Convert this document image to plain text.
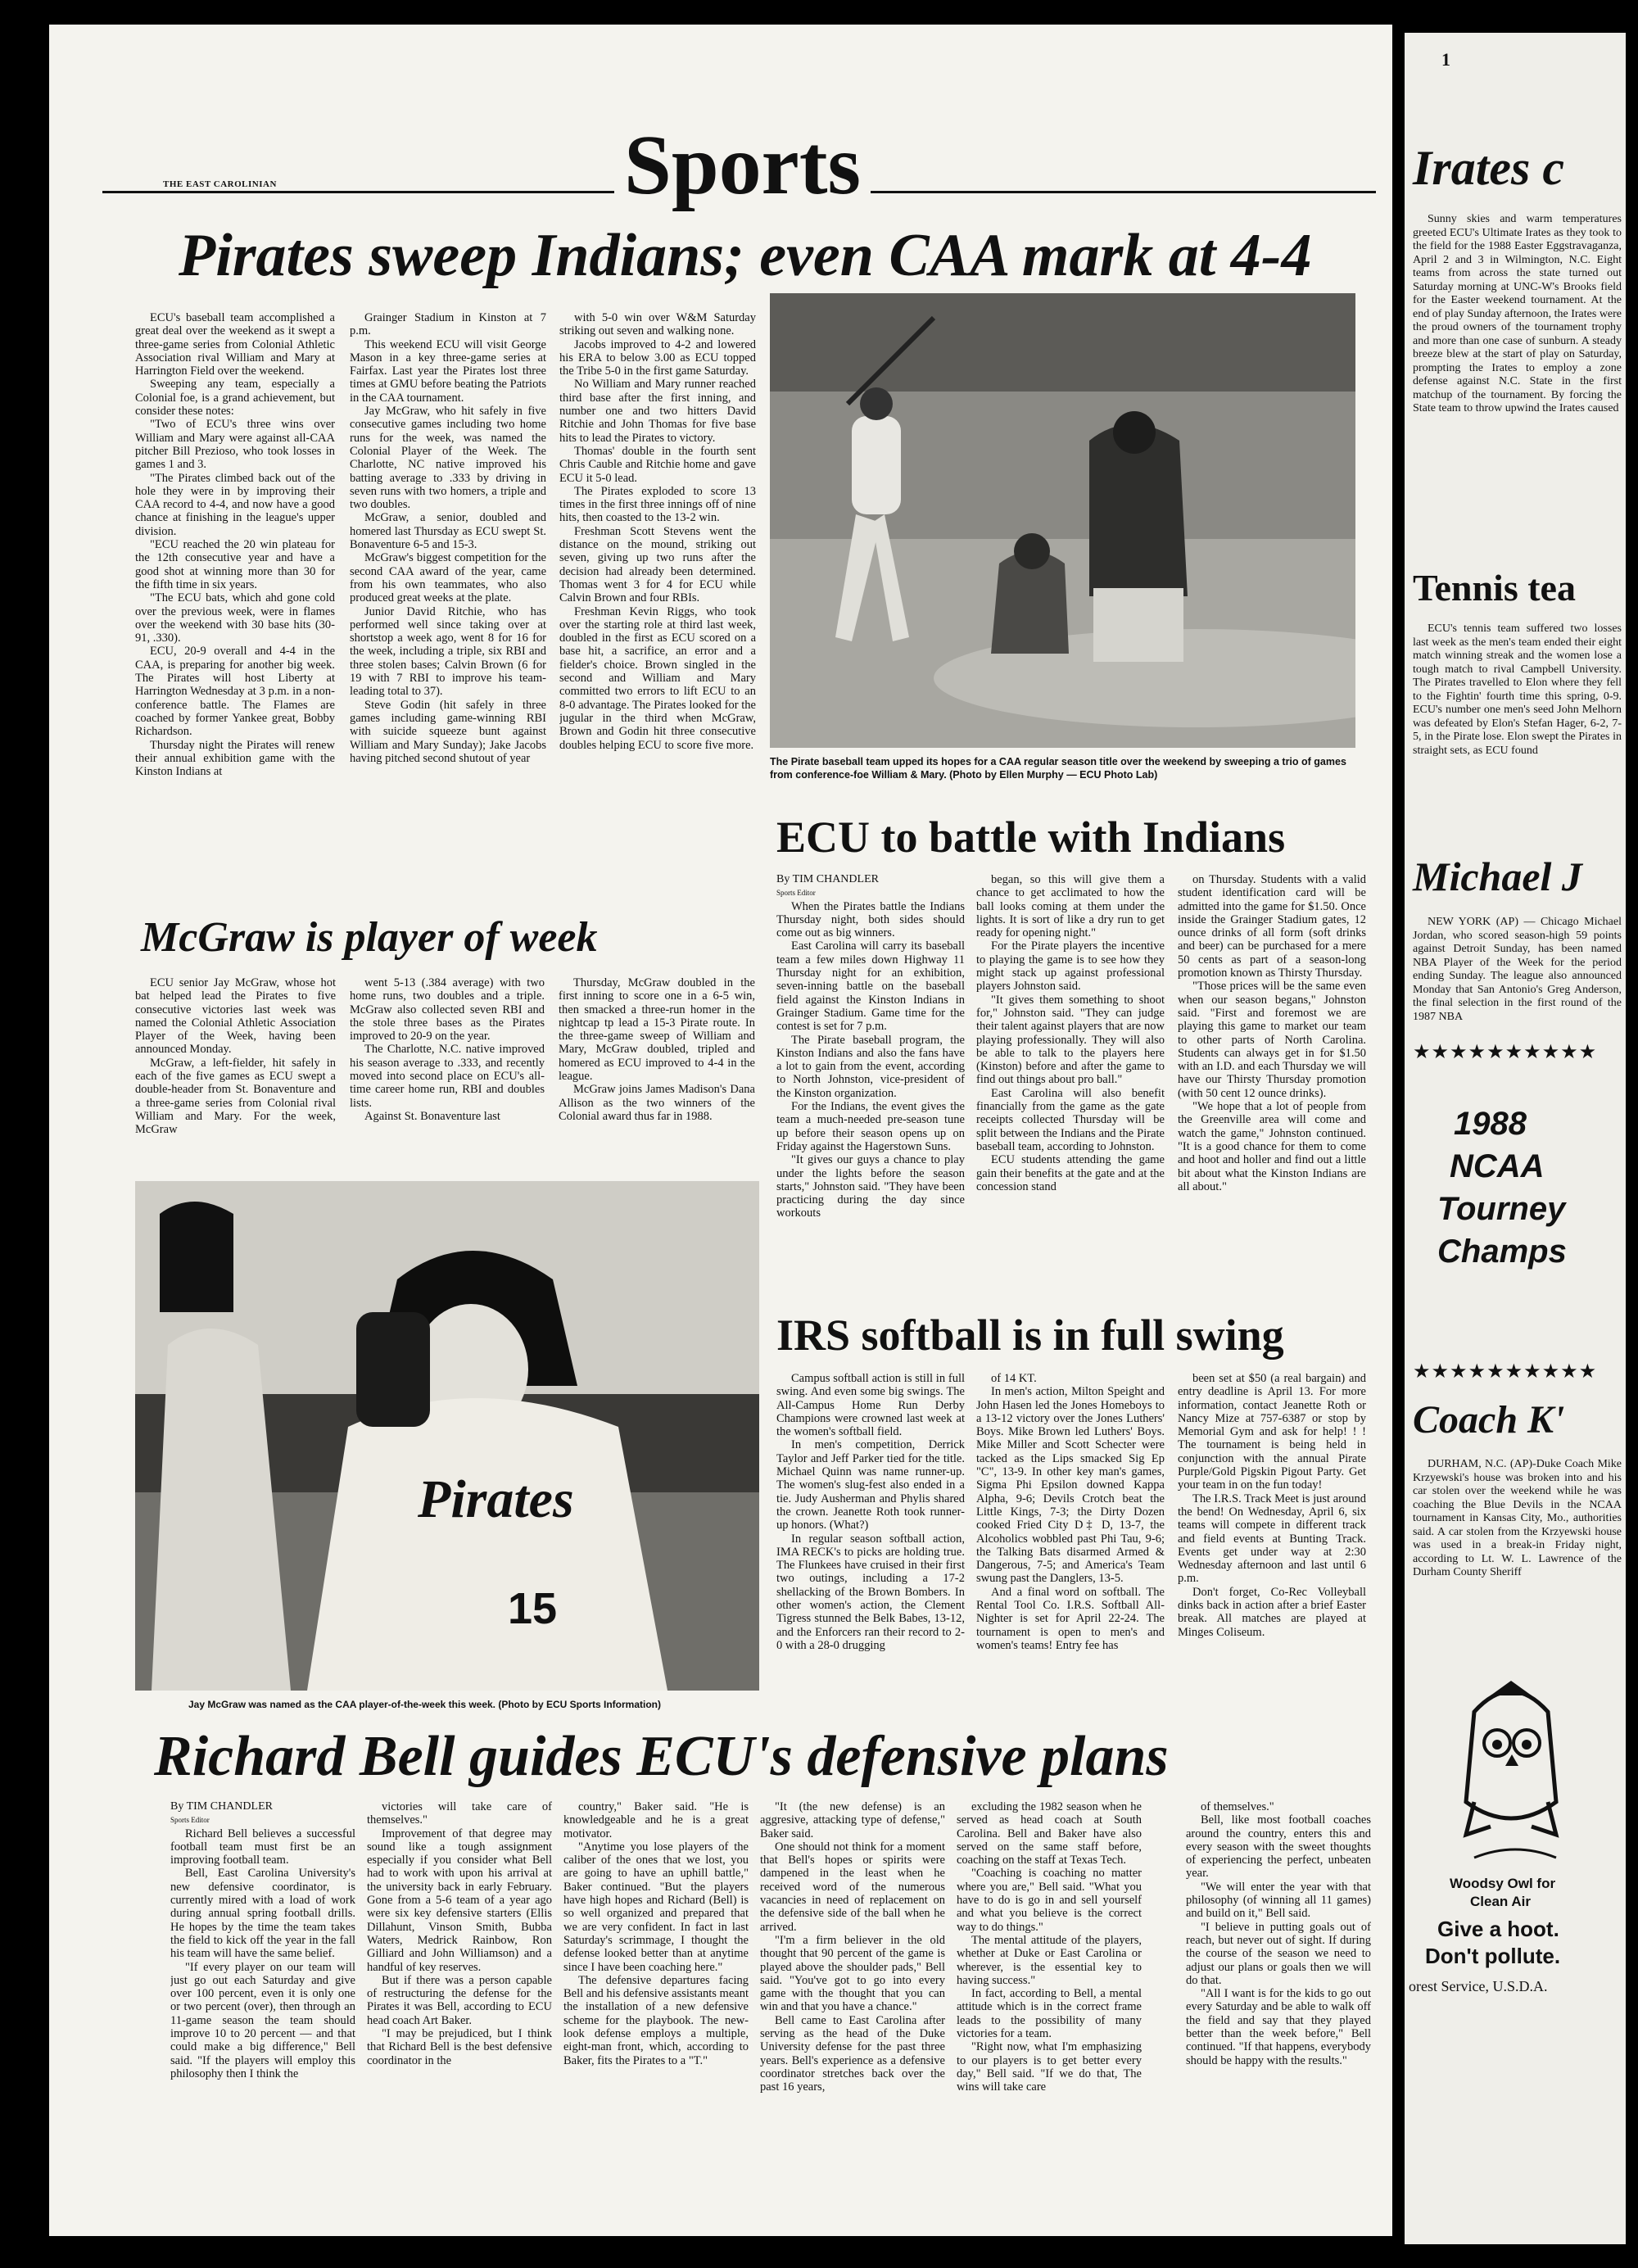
THE EAST CAROLINIAN	Sports
Pirates sweep Indians; even CAA mark at 4-4

ECU's baseball team accomplished a great deal over the weekend as it swept a three-game series from Colonial Athletic Association rival William and Mary at Harrington Field over the weekend.

Sweeping any team, especially a Colonial foe, is a grand achievement, but consider these notes:

"Two of ECU's three wins over William and Mary were against all-CAA pitcher Bill Prezioso, who took losses in games 1 and 3.

"The Pirates climbed back out of the hole they were in by improving their CAA record to 4-4, and now have a good chance at finishing in the league's upper division.

"ECU reached the 20 win plateau for the 12th consecutive year and have a good shot at winning more than 30 for the fifth time in six years.

"The ECU bats, which ahd gone cold over the previous week, were in flames over the weekend with 30 base hits (30-91, .330).

ECU, 20-9 overall and 4-4 in the CAA, is preparing for another big week. The Pirates will host Liberty at Harrington Wednesday at 3 p.m. in a non-conference battle. The Flames are coached by former Yankee great, Bobby Richardson.

Thursday night the Pirates will renew their annual exhibition game with the Kinston Indians at

Grainger Stadium in Kinston at 7 p.m.

This weekend ECU will visit George Mason in a key three-game series at Fairfax. Last year the Pirates lost three times at GMU before beating the Patriots in the CAA tournament.

Jay McGraw, who hit safely in five consecutive games including two home runs for the week, was named the Colonial Player of the Week. The Charlotte, NC native improved his batting average to .333 by driving in seven runs with two homers, a triple and two doubles.

McGraw, a senior, doubled and homered last Thursday as ECU swept St. Bonaventure 6-5 and 15-3.

McGraw's biggest competition for the second CAA award of the year, came from his own teammates, who also produced great weeks at the plate.

Junior David Ritchie, who has performed well since taking over at shortstop a week ago, went 8 for 16 for the week, including a triple, six RBI and three stolen bases; Calvin Brown (6 for 19 with 7 RBI to improve his team-leading total to 37).

Steve Godin (hit safely in three games including game-winning RBI with suicide squeeze bunt against William and Mary Sunday); Jake Jacobs having pitched second shutout of year

with 5-0 win over W&M Saturday striking out seven and walking none.

Jacobs improved to 4-2 and lowered his ERA to below 3.00 as ECU topped the Tribe 5-0 in the first game Saturday.

No William and Mary runner reached third base after the first inning, and number one and two hitters David Ritchie and John Thomas for five base hits to lead the Pirates to victory.

Thomas' double in the fourth sent Chris Cauble and Ritchie home and gave ECU it 5-0 lead.

The Pirates exploded to score 13 times in the first three innings off of nine hits, then coasted to the 13-2 win.

Freshman Scott Stevens went the distance on the mound, striking out seven, giving up two runs after the decision had already been determined. Thomas went 3 for 4 for ECU while Calvin Brown and four RBIs.

Freshman Kevin Riggs, who took over the starting role at third last week, doubled in the first as ECU scored on a base hit, a sacrifice, an error and a fielder's choice. Brown singled in the second and William and Mary committed two errors to lift ECU to an 8-0 advantage. The Pirates looked for the jugular in the third when McGraw, Brown and Godin hit three consecutive doubles helping ECU to score five more.

The Pirate baseball team upped its hopes for a CAA regular season title over the weekend by sweeping a trio of games from conference-foe William & Mary. (Photo by Ellen Murphy — ECU Photo Lab)
McGraw is player of week

ECU senior Jay McGraw, whose hot bat helped lead the Pirates to five consecutive victories last week was named the Colonial Athletic Association Player of the Week, having been announced Monday.

McGraw, a left-fielder, hit safely in each of the five games as ECU swept a double-header from St. Bonaventure and a three-game series from Colonial rival William and Mary. For the week, McGraw

went 5-13 (.384 average) with two home runs, two doubles and a triple. McGraw also collected seven RBI and the stole three bases as the Pirates improved to 20-9 on the year.

The Charlotte, N.C. native improved his season average to .333, and recently moved into second place on ECU's all-time career home run, RBI and doubles lists.

Against St. Bonaventure last

Thursday, McGraw doubled in the first inning to score one in a 6-5 win, then smacked a three-run homer in the nightcap tp lead a 15-3 Pirate route. In the three-game sweep of William and Mary, McGraw doubled, tripled and homered as ECU improved to 4-4 in the league.

McGraw joins James Madison's Dana Allison as the two winners of the Colonial award thus far in 1988.

Pirates
15
Jay McGraw was named as the CAA player-of-the-week this week. (Photo by ECU Sports Information)
ECU to battle with Indians

By TIM CHANDLER

Sports Editor

When the Pirates battle the Indians Thursday night, both sides should come out as big winners.

East Carolina will carry its baseball team a few miles down Highway 11 Thursday night for an exhibition, seven-inning battle on the baseball field against the Kinston Indians in Grainger Stadium. Game time for the contest is set for 7 p.m.

The Pirate baseball program, the Kinston Indians and also the fans have a lot to gain from the event, according to North Johnston, vice-president of the Kinston organization.

For the Indians, the event gives the team a much-needed pre-season tune up before their season opens up on Friday against the Hagerstown Suns.

"It gives our guys a chance to play under the lights before the season starts," Johnston said. "They have been practicing during the day since workouts

began, so this will give them a chance to get acclimated to how the ball looks coming at them under the lights. It is sort of like a dry run to get ready for opening night."

For the Pirate players the incentive to playing the game is to see how they might stack up against professional players Johnston said.

"It gives them something to shoot for," Johnston said. "They can judge their talent against players that are now playing professionally. They will also be able to talk to the players here (Kinston) before and after the game to find out things about pro ball."

East Carolina will also benefit financially from the game as the gate receipts collected Thursday will be split between the Indians and the Pirate baseball team, according to Johnston.

ECU students attending the game gain their benefits at the gate and at the concession stand

on Thursday. Students with a valid student identification card will be admitted into the game for $1.50. Once inside the Grainger Stadium gates, 12 ounce drinks of all form (soft drinks and beer) can be purchased for a mere 50 cents as part of a season-long promotion known as Thirsty Thursday.

"Those prices will be the same even when our season begans," Johnston said. "First and foremost we are playing this game to market our team to other parts of North Carolina. Students can always get in for $1.50 with an I.D. and each Thursday we will have our Thirsty Thursday promotion (with 50 cent 12 ounce drinks).

"We hope that a lot of people from the Greenville area will come and watch the game," Johnston continued. "It is a good chance for them to come and hoot and holler and find out a little bit about what the Kinston Indians are all about."

IRS softball is in full swing

Campus softball action is still in full swing. And even some big swings. The All-Campus Home Run Derby Champions were crowned last week at the women's softball field.

In men's competition, Derrick Taylor and Jeff Parker tied for the title. Michael Quinn was name runner-up. The women's slug-fest also ended in a tie. Judy Ausherman and Phylis shared the crown. Jeanette Roth took runner-up honors. (What?)

In regular season softball action, IMA RECK's to picks are holding true. The Flunkees have cruised in their first two outings, including a 17-2 shellacking of the Brown Bombers. In other women's action, the Clement Tigress stunned the Belk Babes, 13-12, and the Enforcers ran their record to 2-0 with a 28-0 drugging

of 14 KT.

In men's action, Milton Speight and John Hasen led the Jones Homeboys to a 13-12 victory over the Jones Luthers' Boys. Mike Brown led Luthers' Boys. Mike Miller and Scott Schecter were tacked as the Lips smacked Sig Ep "C", 13-9. In other key man's games, Sigma Phi Epsilon downed Kappa Alpha, 9-6; Devils Crotch beat the Little Kings, 7-3; the Dirty Dozen cooked Fried City D‡ D, 13-7, the Alcoholics wobbled past Phi Tau, 9-6; the Talking Bats disarmed Armed & Dangerous, 7-5; and America's Team swung past the Danglers, 13-5.

And a final word on softball. The Rental Tool Co. I.R.S. Softball All-Nighter is set for April 22-24. The tournament is open to men's and women's teams! Entry fee has

been set at $50 (a real bargain) and entry deadline is April 13. For more information, contact Jeanette Roth or Nancy Mize at 757-6387 or stop by Memorial Gym and ask for help! ! ! The tournament is being held in conjunction with the annual Pirate Purple/Gold Pigskin Pigout Party. Get your team in on the fun today!

The I.R.S. Track Meet is just around the bend! On Wednesday, April 6, six teams will compete in different track and field events at Bunting Track. Events get under way at 2:30 Wednesday afternoon and last until 6 p.m.

Don't forget, Co-Rec Volleyball dinks back in action after a brief Easter break. All matches are played at Minges Coliseum.

Richard Bell guides ECU's defensive plans

By TIM CHANDLER

Sports Editor

Richard Bell believes a successful football team must first be an improving football team.

Bell, East Carolina University's new defensive coordinator, is currently mired with a load of work during annual spring football drills. He hopes by the time the team takes the field to kick off the year in the fall his team will have the same belief.

"If every player on our team will just go out each Saturday and give over 100 percent, even it is only one or two percent (over), then through an 11-game season the team should improve 10 to 20 percent — and that could make a big difference," Bell said. "If the players will employ this philosophy then I think the

victories will take care of themselves."

Improvement of that degree may sound like a tough assignment especially if you consider what Bell had to work with upon his arrival at the university back in early February. Gone from a 5-6 team of a year ago were six key defensive starters (Ellis Dillahunt, Vinson Smith, Bubba Waters, Medrick Rainbow, Ron Gilliard and John Williamson) and a handful of key reserves.

But if there was a person capable of restructuring the defense for the Pirates it was Bell, according to ECU head coach Art Baker.

"I may be prejudiced, but I think that Richard Bell is the best defensive coordinator in the

country," Baker said. "He is knowledgeable and he is a great motivator.

"Anytime you lose players of the caliber of the ones that we lost, you are going to have an uphill battle," Baker continued. "But the players have high hopes and Richard (Bell) is so well organized and prepared that we are very confident. In fact in last Saturday's scrimmage, I thought the defense looked better than at anytime since I have been coaching here."

The defensive departures facing Bell and his defensive assistants meant the installation of a new defensive scheme for the playbook. The new-look defense employs a multiple, eight-man front, which, according to Baker, fits the Pirates to a "T."

"It (the new defense) is an aggresive, attacking type of defense," Baker said.

One should not think for a moment that Bell's hopes or spirits were dampened in the least when he received word of the numerous vacancies in need of replacement on the defensive side of the ball when he arrived.

"I'm a firm believer in the old thought that 90 percent of the game is played above the shoulder pads," Bell said. "You've got to go into every game with the thought that you can win and that you have a chance."

Bell came to East Carolina after serving as the head of the Duke University defense for the past three years. Bell's experience as a defensive coordinator stretches back over the past 16 years,

excluding the 1982 season when he served as head coach at South Carolina. Bell and Baker have also served on the same staff before, coaching on the staff at Texas Tech.

"Coaching is coaching no matter where you are," Bell said. "What you have to do is go in and sell yourself and what you believe is the correct way to do things."

The mental attitude of the players, whether at Duke or East Carolina or wherever, is the essential key to having success."

In fact, according to Bell, a mental attitude which is in the correct frame leads to the possibility of many victories for a team.

"Right now, what I'm emphasizing to our players is to get better every day," Bell said. "If we do that, The wins will take care

of themselves."

Bell, like most football coaches around the country, enters this and every season with the sweet thoughts of experiencing the perfect, unbeaten year.

"We will enter the year with that philosophy (of winning all 11 games) and build on it," Bell said.

"I believe in putting goals out of reach, but never out of sight. If during the course of the season we need to adjust our plans or goals then we will do that.

"All I want is for the kids to go out every Saturday and be able to walk off the field and say that they played better than the week before," Bell continued. "If that happens, everybody should be happy with the results."

1
Irates c
Sunny skies and warm temperatures greeted ECU's Ultimate Irates as they took to the field for the 1988 Easter Eggstravaganza, April 2 and 3 in Wilmington, N.C. Eight teams from across the state turned out Saturday morning at UNC-W's Brooks field for the Easter weekend tournament. At the end of play Sunday afternoon, the Irates were the proud owners of the tournament trophy and more than one case of sunburn. A steady breeze blew at the start of play on Saturday, prompting the Irates to employ a zone defense against N.C. State in the first matchup of the tournament. By forcing the State team to throw upwind the Irates caused
Tennis tea
ECU's tennis team suffered two losses last week as the men's team ended their eight match winning streak and the women lose a tough match to rival Campbell University. The Pirates travelled to Elon where they fell to the Fightin' fourth time this spring, 0-9. ECU's number one men's seed John Melhorn was defeated by Elon's Stefan Hager, 6-2, 7-5, in the Pirate lose. Elon swept the Pirates in straight sets, as ECU found
Michael J
NEW YORK (AP) — Chicago Michael Jordan, who scored season-high 59 points against Detroit Sunday, has been named NBA Player of the Week for the period ending Sunday. The league also announced Monday that San Antonio's Greg Anderson, the final selection in the first round of the 1987 NBA
★★★★★★★★★★
1988
NCAA
Tourney
Champs
★★★★★★★★★★
Coach K'
DURHAM, N.C. (AP)-Duke Coach Mike Krzyewski's house was broken into and his car stolen over the weekend while he was coaching the Blue Devils in the NCAA tournament in Kansas City, Mo., authorities said. A car stolen from the Krzyewski house was used in a break-in Friday night, according to Lt. W. L. Lawrence of the Durham County Sheriff
Woodsy Owl for
Clean Air
Give a hoot.
Don't pollute.
orest Service, U.S.D.A.
